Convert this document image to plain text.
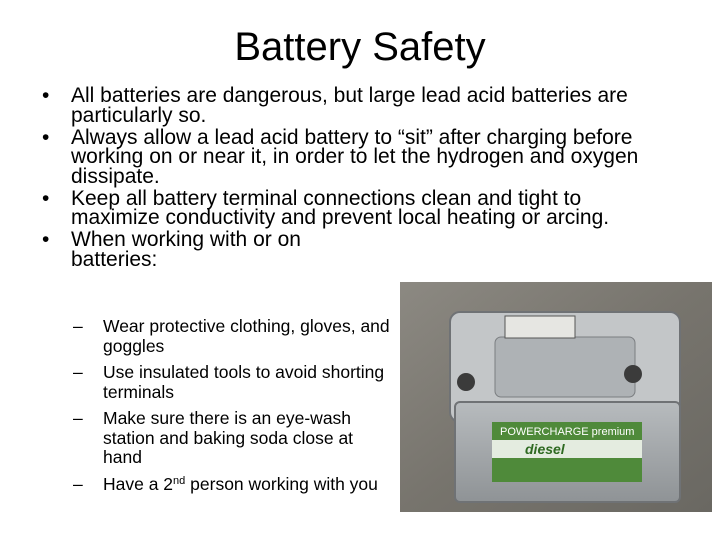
Battery Safety
• All batteries are dangerous, but large lead acid batteries are particularly so.
• Always allow a lead acid battery to “sit” after charging before working on or near it, in order to let the hydrogen and oxygen dissipate.
• Keep all battery terminal connections clean and tight to maximize conductivity and prevent local heating or arcing.
• When working with or on batteries:
– Wear protective clothing, gloves, and goggles
– Use insulated tools to avoid shorting terminals
– Make sure there is an eye-wash station and baking soda close at hand
– Have a 2nd person working with you
POWERCHARGE premium
diesel
